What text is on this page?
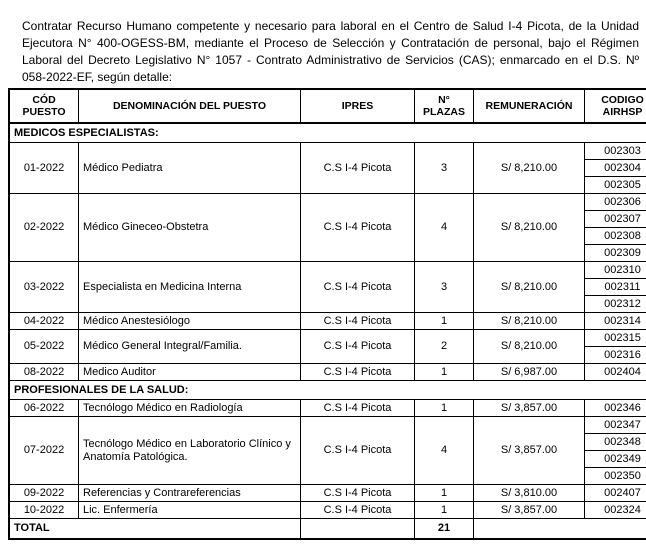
Contratar Recurso Humano competente y necesario para laboral en el Centro de Salud I-4 Picota, de la Unidad Ejecutora N° 400-OGESS-BM, mediante el Proceso de Selección y Contratación de personal, bajo el Régimen Laboral del Decreto Legislativo N° 1057 - Contrato Administrativo de Servicios (CAS); enmarcado en el D.S. Nº 058-2022-EF, según detalle:

CÓD PUESTO	DENOMINACIÓN DEL PUESTO	IPRES	N° PLAZAS	REMUNERACIÓN	CODIGO AIRHSP
MEDICOS ESPECIALISTAS:					
01-2022	Médico Pediatra	C.S I-4 Picota	3	S/ 8,210.00	002303
					002304
					002305
02-2022	Médico Gineceo-Obstetra	C.S I-4 Picota	4	S/ 8,210.00	002306
					002307
					002308
					002309
03-2022	Especialista en Medicina Interna	C.S I-4 Picota	3	S/ 8,210.00	002310
					002311
					002312
04-2022	Médico Anestesiólogo	C.S I-4 Picota	1	S/ 8,210.00	002314
05-2022	Médico General Integral/Familia.	C.S I-4 Picota	2	S/ 8,210.00	002315
					002316
08-2022	Medico Auditor	C.S I-4 Picota	1	S/ 6,987.00	002404
PROFESIONALES DE LA SALUD:					
06-2022	Tecnólogo Médico en Radiología	C.S I-4 Picota	1	S/ 3,857.00	002346
07-2022	Tecnólogo Médico en Laboratorio Clínico y Anatomía Patológica.	C.S I-4 Picota	4	S/ 3,857.00	002347
					002348
					002349
					002350
09-2022	Referencias y Contrareferencias	C.S I-4 Picota	1	S/ 3,810.00	002407
10-2022	Lic. Enfermería	C.S I-4 Picota	1	S/ 3,857.00	002324
TOTAL			21		
